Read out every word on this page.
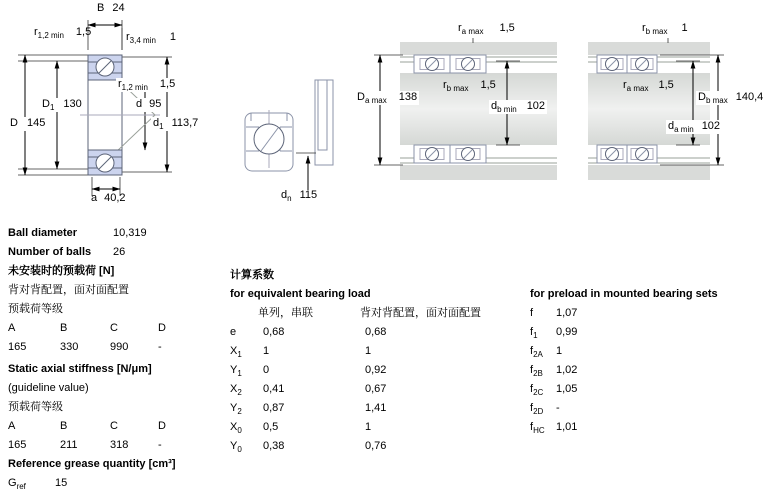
B 24
$r_{1,2 min}$ 1,5	$r_{3,4 min}$ 1
$r_{1,2 min}$ 1,5
$D_1$ 130
D 145
d 95
$d_1$ 113,7
a 40,2	$d_n$ 115
$r_{a max}$ 1,5
$D_{a max}$ 138
$r_{b max}$ 1,5
$d_{b min}$ 102
$r_{b max}$ 1
$r_{a max}$ 1,5
$D_{b max}$ 140,4
$d_{a min}$ 102
Ball diameter	10,319
Number of balls 26
未安装时的预载荷 [N]
背对背配置，面对面配置
预载荷等级
A	B	C	D
165	330	990	-
Static axial stiffness [N/μm]
(guideline value)
预载荷等级
A	B	C	D
165	211	318	-
Reference grease quantity [cm³]
$G_{ref}$	15
计算系数
for equivalent bearing load
单列，串联	背对背配置，面对面配置
e 0,68	0,68
$X_1$ 1	1
$Y_1$ 0	0,92
$X_2$ 0,41	0,67
$Y_2$ 0,87	1,41
$X_0$ 0,5	1
$Y_0$ 0,38	0,76
for preload in mounted bearing sets
f 1,07
$f_1$ 0,99
$f_{2A}$ 1
$f_{2B}$ 1,02
$f_{2C}$ 1,05
$f_{2D}$ -
$f_{HC}$ 1,01
